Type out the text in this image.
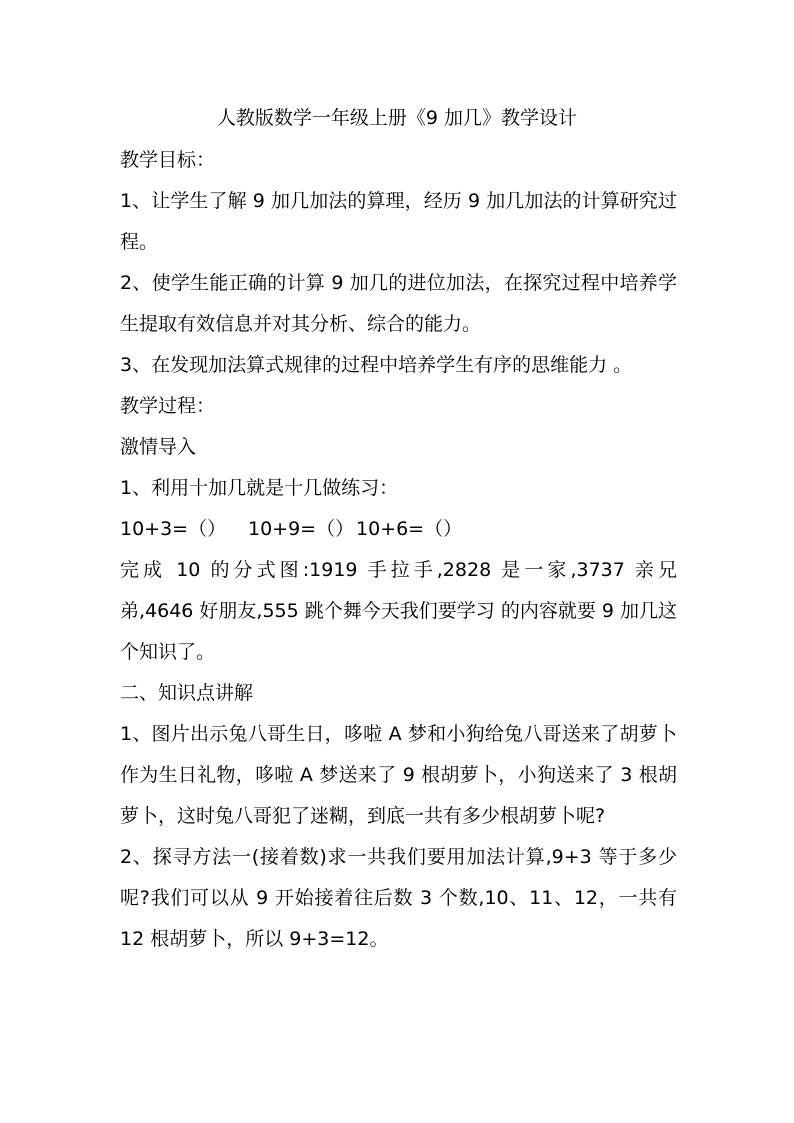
人教版数学一年级上册《9 加几》教学设计

教学目标：

1、让学生了解 9 加几加法的算理，经历 9 加几加法的计算研究过程。

2、使学生能正确的计算 9 加几的进位加法，在探究过程中培养学生提取有效信息并对其分析、综合的能力。

3、在发现加法算式规律的过程中培养学生有序的思维能力 。

教学过程：

激情导入

1、利用十加几就是十几做练习：

10+3=（） 10+9=（）10+6=（）

完成 10 的分式图:1919 手拉手,2828 是一家,3737 亲兄弟,4646 好朋友,555 跳个舞今天我们要学习 的内容就要 9 加几这个知识了。

二、知识点讲解

1、图片出示兔八哥生日，哆啦 A 梦和小狗给兔八哥送来了胡萝卜作为生日礼物，哆啦 A 梦送来了 9 根胡萝卜，小狗送来了 3 根胡萝卜，这时兔八哥犯了迷糊，到底一共有多少根胡萝卜呢?

2、探寻方法一(接着数)求一共我们要用加法计算,9+3 等于多少呢?我们可以从 9 开始接着往后数 3 个数,10、11、12，一共有 12 根胡萝卜，所以 9+3=12。
